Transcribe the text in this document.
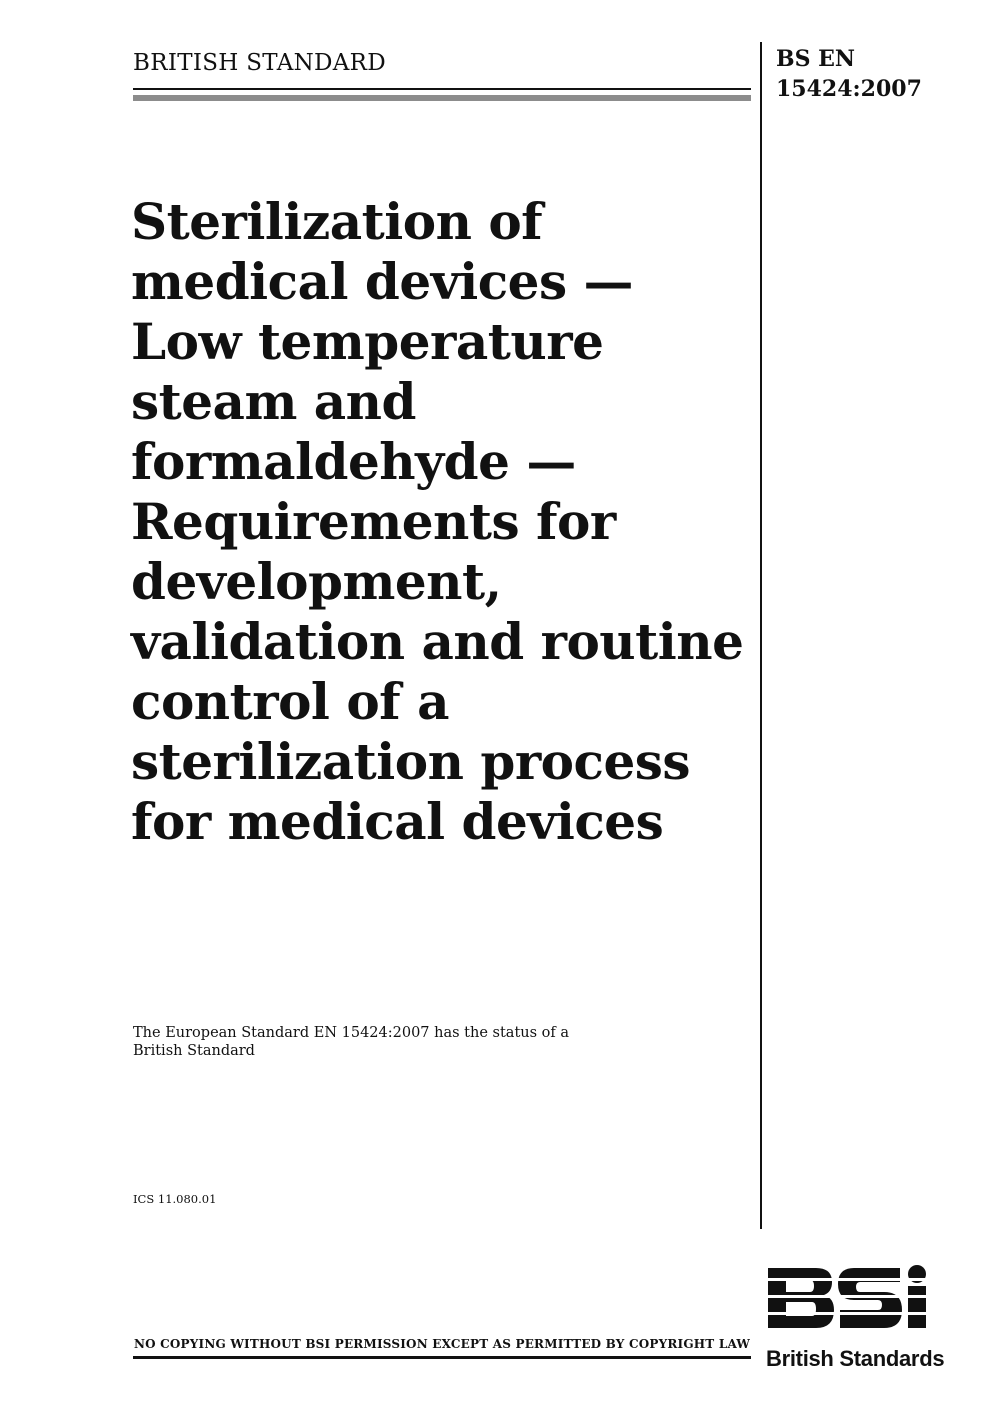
BRITISH STANDARD	BS EN
15424:2007
Sterilization of medical devices — Low temperature steam and formaldehyde — Requirements for development, validation and routine control of a sterilization process for medical devices
The European Standard EN 15424:2007 has the status of a
British Standard
ICS 11.080.01
NO COPYING WITHOUT BSI PERMISSION EXCEPT AS PERMITTED BY COPYRIGHT LAW
British Standards
